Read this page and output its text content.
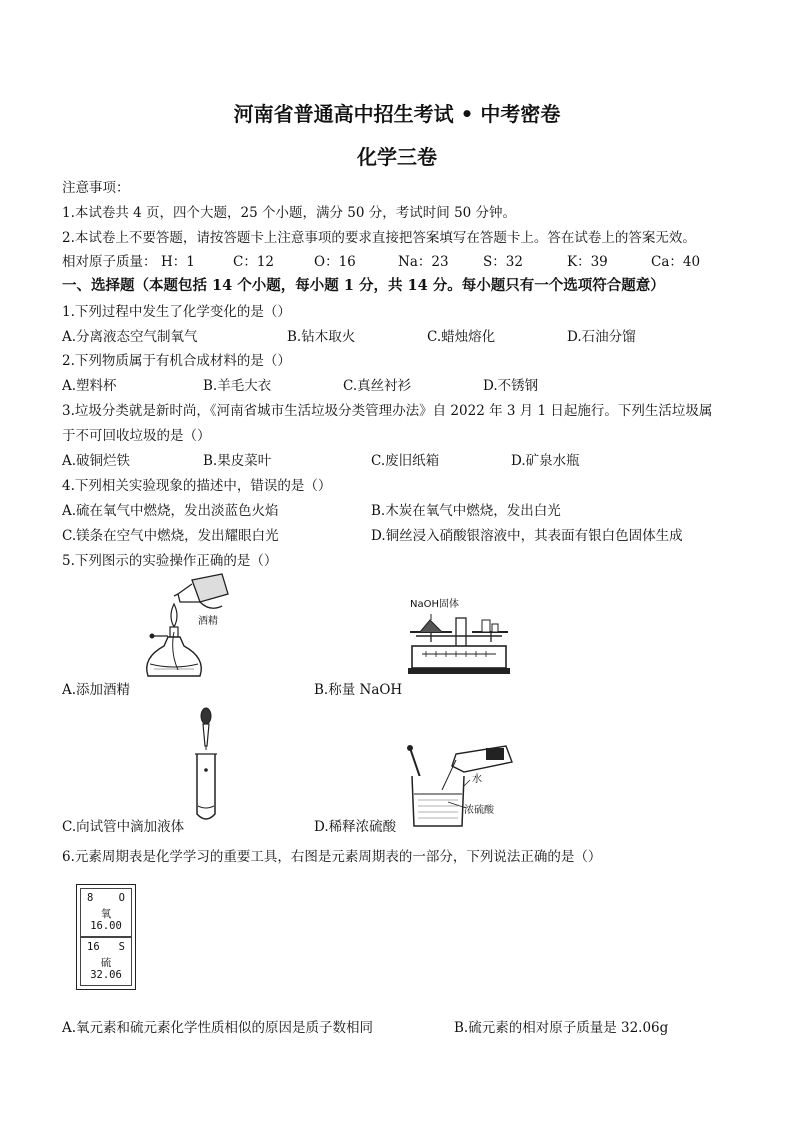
河南省普通高中招生考试 • 中考密卷
化学三卷
注意事项：
1.本试卷共 4 页，四个大题，25 个小题，满分 50 分，考试时间 50 分钟。
2.本试卷上不要答题，请按答题卡上注意事项的要求直接把答案填写在答题卡上。答在试卷上的答案无效。
相对原子质量： H：1	C：12	O：16	Na：23	S：32	K：39	Ca：40
一、选择题（本题包括 14 个小题，每小题 1 分，共 14 分。每小题只有一个选项符合题意）
1.下列过程中发生了化学变化的是（）
A.分离液态空气制氧气	B.钻木取火	C.蜡烛熔化	D.石油分馏
2.下列物质属于有机合成材料的是（）
A.塑料杯	B.羊毛大衣	C.真丝衬衫	D.不锈钢
3.垃圾分类就是新时尚，《河南省城市生活垃圾分类管理办法》自 2022 年 3 月 1 日起施行。下列生活垃圾属
于不可回收垃圾的是（）
A.破铜烂铁	B.果皮菜叶	C.废旧纸箱	D.矿泉水瓶
4.下列相关实验现象的描述中，错误的是（）
A.硫在氧气中燃烧，发出淡蓝色火焰	B.木炭在氧气中燃烧，发出白光
C.镁条在空气中燃烧，发出耀眼白光	D.铜丝浸入硝酸银溶液中，其表面有银白色固体生成
5.下列图示的实验操作正确的是（）
酒精
A.添加酒精
NaOH固体
B.称量 NaOH
C.向试管中滴加液体
水
浓硫酸
D.稀释浓硫酸
6.元素周期表是化学学习的重要工具，右图是元素周期表的一部分，下列说法正确的是（）
8 O
氧
16.00
16 S
硫
32.06
A.氧元素和硫元素化学性质相似的原因是质子数相同	B.硫元素的相对原子质量是 32.06g
